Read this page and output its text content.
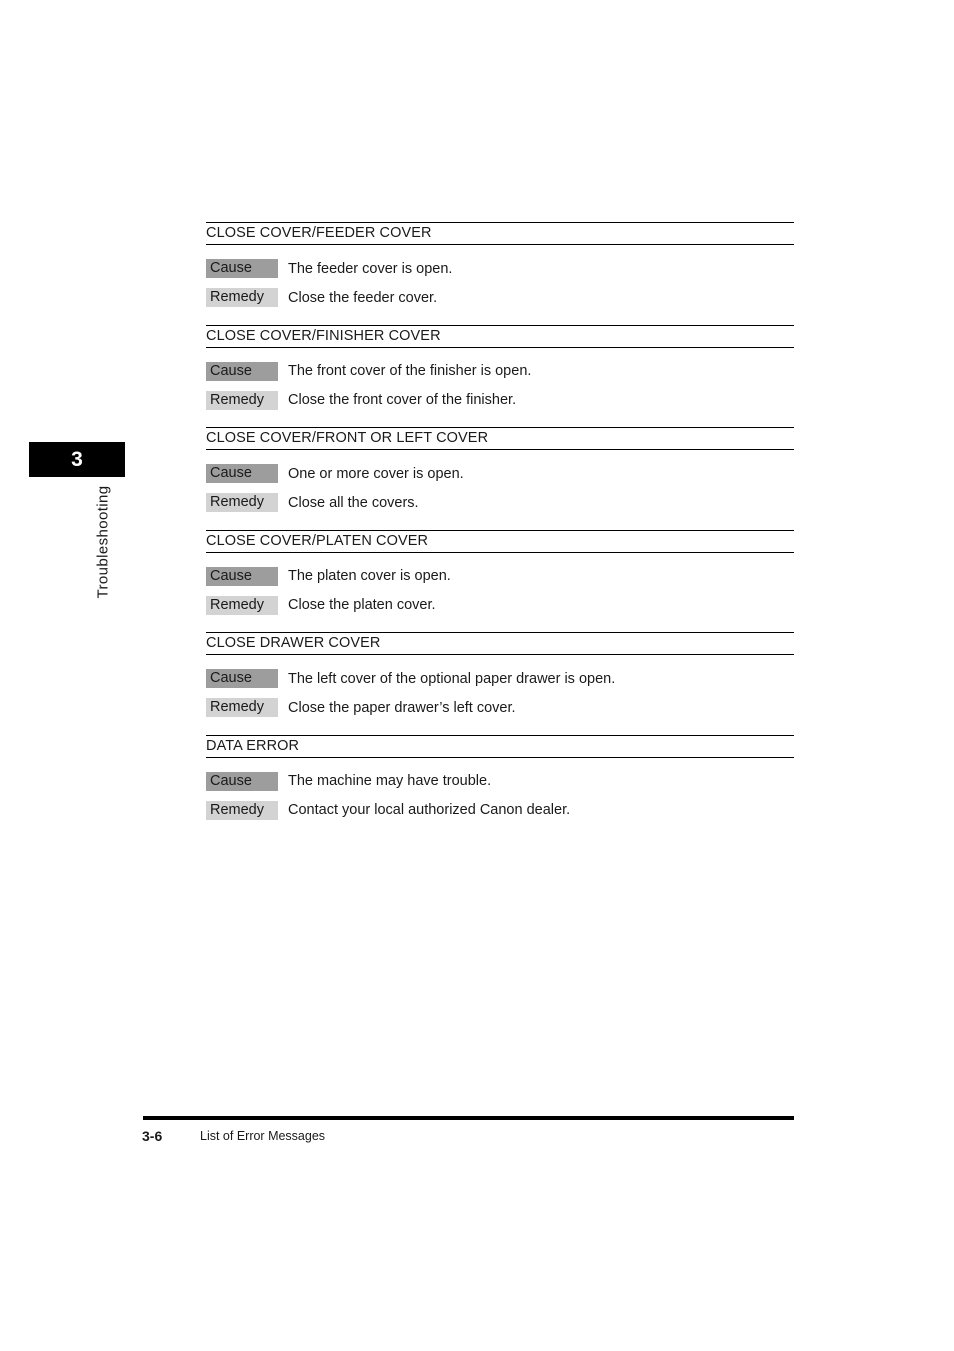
3
Troubleshooting
CLOSE COVER/FEEDER COVER
Cause	The feeder cover is open.
Remedy	Close the feeder cover.
CLOSE COVER/FINISHER COVER
Cause	The front cover of the finisher is open.
Remedy	Close the front cover of the finisher.
CLOSE COVER/FRONT OR LEFT COVER
Cause	One or more cover is open.
Remedy	Close all the covers.
CLOSE COVER/PLATEN COVER
Cause	The platen cover is open.
Remedy	Close the platen cover.
CLOSE DRAWER COVER
Cause	The left cover of the optional paper drawer is open.
Remedy	Close the paper drawer’s left cover.
DATA ERROR
Cause	The machine may have trouble.
Remedy	Contact your local authorized Canon dealer.
3-6	List of Error Messages
